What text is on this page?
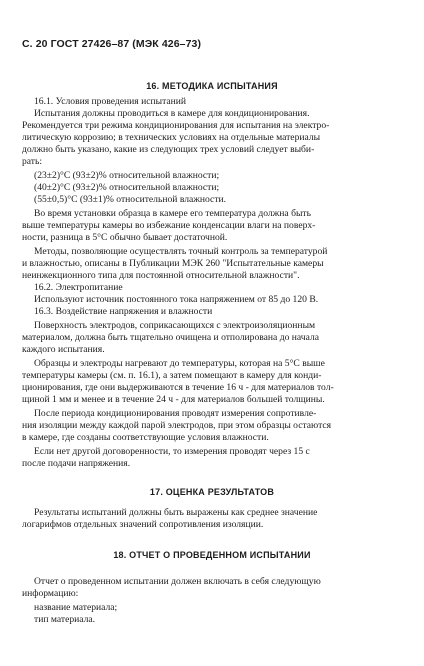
С. 20 ГОСТ 27426–87 (МЭК 426–73)
16. МЕТОДИКА ИСПЫТАНИЯ
16.1. Условия проведения испытаний
Испытания должны проводиться в камере для кондиционирования.
Рекомендуется три режима кондиционирования для испытания на электро-
литическую коррозию; в технических условиях на отдельные материалы
должно быть указано, какие из следующих трех условий следует выби-
рать:
(23±2)°С (93±2)% относительной влажности;
(40±2)°С (93±2)% относительной влажности;
(55±0,5)°С (93±1)% относительной влажности.
Во время установки образца в камере его температура должна быть
выше температуры камеры во избежание конденсации влаги на поверх-
ности, разница в 5°С обычно бывает достаточной.
Методы, позволяющие осуществлять точный контроль за температурой
и влажностью, описаны в Публикации МЭК 260 "Испытательные камеры
неинжекционного типа для постоянной относительной влажности".
16.2. Электропитание
Используют источник постоянного тока напряжением от 85 до 120 В.
16.3. Воздействие напряжения и влажности
Поверхность электродов, соприкасающихся с электроизоляционным
материалом, должна быть тщательно очищена и отполирована до начала
каждого испытания.
Образцы и электроды нагревают до температуры, которая на 5°С выше
температуры камеры (см. п. 16.1), а затем помещают в камеру для конди-
ционирования, где они выдерживаются в течение 16 ч - для материалов тол-
щиной 1 мм и менее и в течение 24 ч - для материалов большей толщины.
После периода кондиционирования проводят измерения сопротивле-
ния изоляции между каждой парой электродов, при этом образцы остаются
в камере, где созданы соответствующие условия влажности.
Если нет другой договоренности, то измерения проводят через 15 с
после подачи напряжения.
17. ОЦЕНКА РЕЗУЛЬТАТОВ
Результаты испытаний должны быть выражены как среднее значение
логарифмов отдельных значений сопротивления изоляции.
18. ОТЧЕТ О ПРОВЕДЕННОМ ИСПЫТАНИИ
Отчет о проведенном испытании должен включать в себя следующую
информацию:
название материала;
тип материала.
